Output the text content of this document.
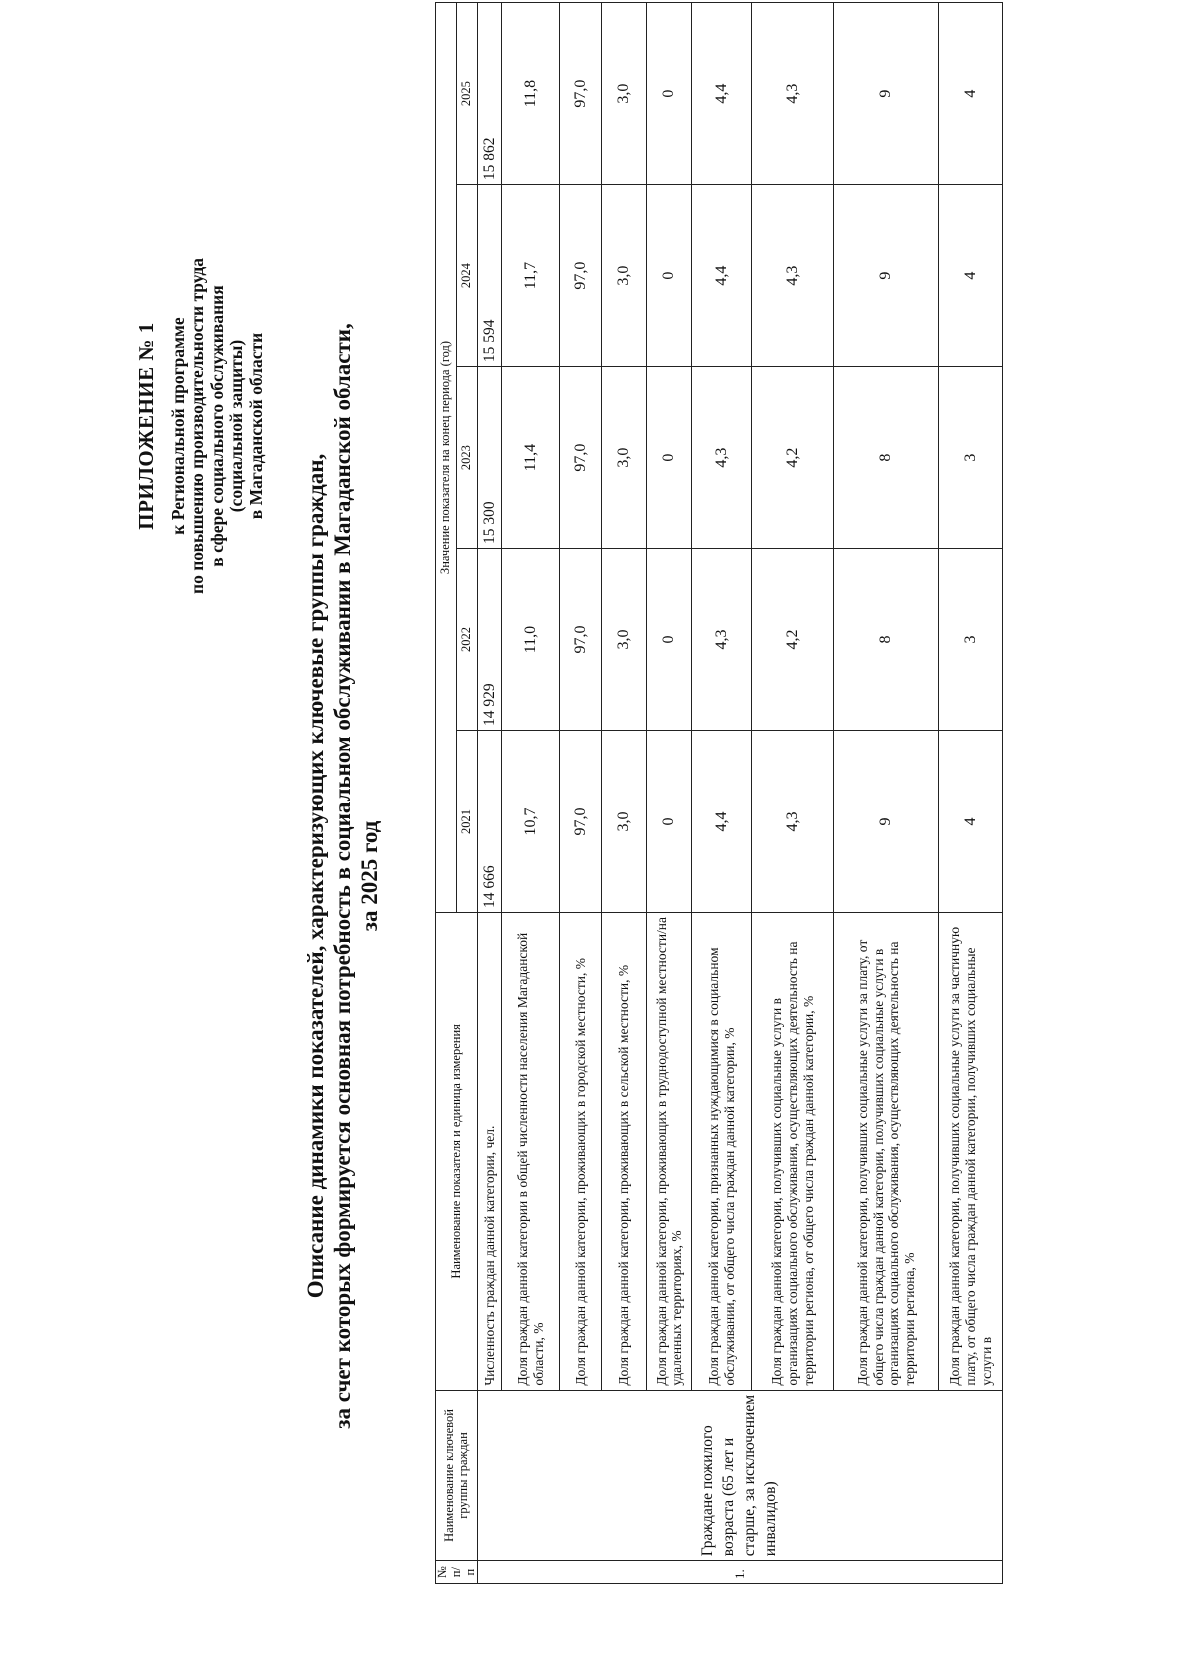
ПРИЛОЖЕНИЕ № 1 к Региональной программе по повышению производительности труда в сфере социального обслуживания (социальной защиты) в Магаданской области
Описание динамики показателей, характеризующих ключевые группы граждан, за счет которых формируется основная потребность в социальном обслуживании в Магаданской области, за 2025 год
№ п/п	Наименование ключевой группы граждан	Наименование показателя и единица измерения	Значение показателя на конец периода (год)				
			2021	2022	2023	2024	2025
1.	Граждане пожилого возраста (65 лет и старше, за исключением инвалидов)	Численность граждан данной категории, чел.	14 666	14 929	15 300	15 594	15 862
		Доля граждан данной категории в общей численности населения Магаданской области, %	10,7	11,0	11,4	11,7	11,8
		Доля граждан данной категории, проживающих в городской местности, %	97,0	97,0	97,0	97,0	97,0
		Доля граждан данной категории, проживающих в сельской местности, %	3,0	3,0	3,0	3,0	3,0
		Доля граждан данной категории, проживающих в труднодоступной местности/на удаленных территориях, %	0	0	0	0	0
		Доля граждан данной категории, признанных нуждающимися в социальном обслуживании, от общего числа граждан данной категории, %	4,4	4,3	4,3	4,4	4,4
		Доля граждан данной категории, получивших социальные услуги в организациях социального обслуживания, осуществляющих деятельность на территории региона, от общего числа граждан данной категории, %	4,3	4,2	4,2	4,3	4,3
		Доля граждан данной категории, получивших социальные услуги за плату, от общего числа граждан данной категории, получивших социальные услуги в организациях социального обслуживания, осуществляющих деятельность на территории региона, %	9	8	8	9	9
		Доля граждан данной категории, получивших социальные услуги за частичную плату, от общего числа граждан данной категории, получивших социальные услуги в	4	3	3	4	4
